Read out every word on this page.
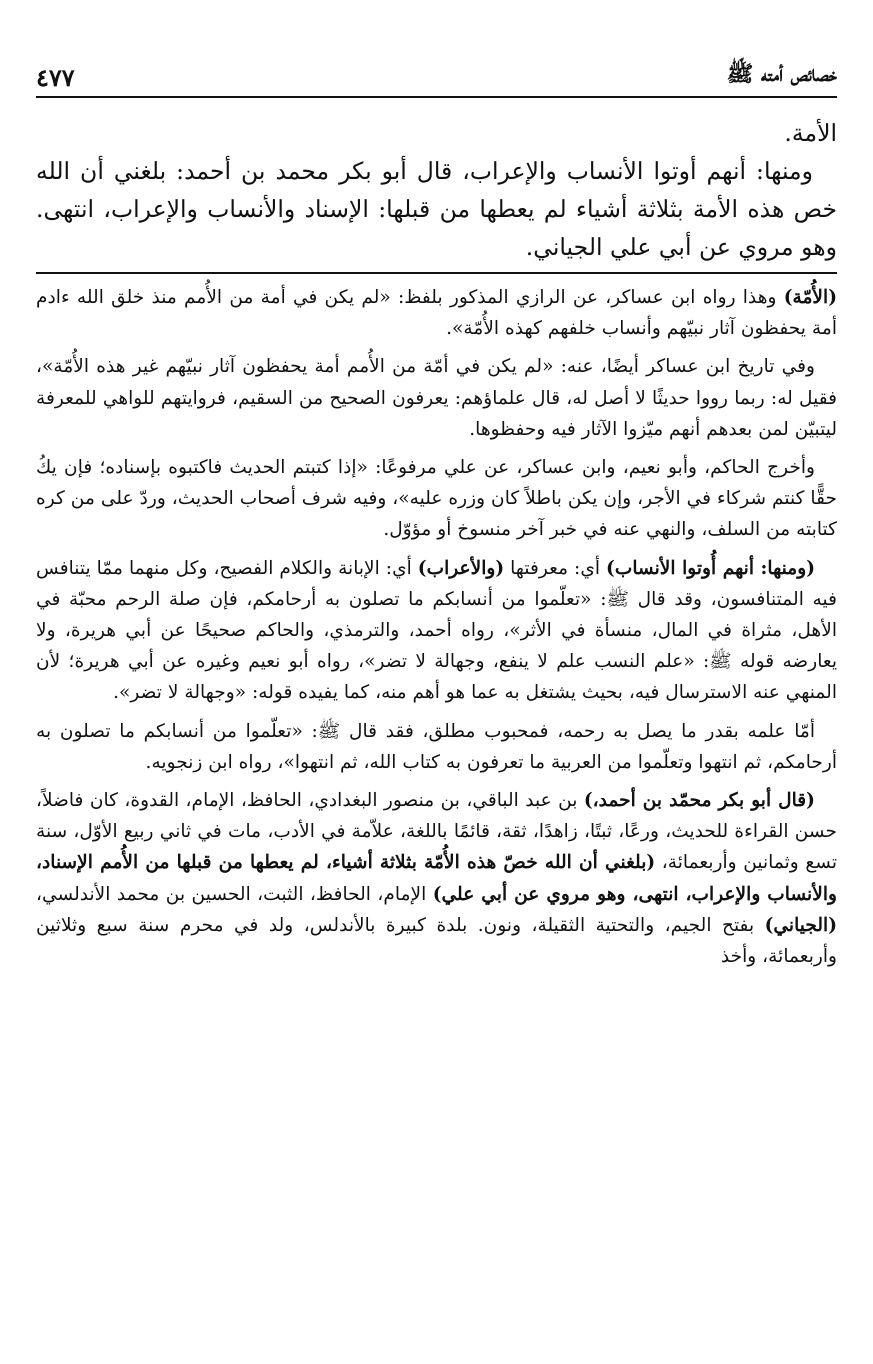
خصائص أمته ﷺ
٤٧٧

الأمة.

ومنها: أنهم أوتوا الأنساب والإعراب، قال أبو بكر محمد بن أحمد: بلغني أن الله خص هذه الأمة بثلاثة أشياء لم يعطها من قبلها: الإسناد والأنساب والإعراب، انتهى. وهو مروي عن أبي علي الجياني.

(الأُمّة) وهذا رواه ابن عساكر، عن الرازي المذكور بلفظ: «لم يكن في أمة من الأُمم منذ خلق الله ءادم أمة يحفظون آثار نبيّهم وأنساب خلفهم كهذه الأُمّة».

وفي تاريخ ابن عساكر أيضًا، عنه: «لم يكن في أمّة من الأُمم أمة يحفظون آثار نبيّهم غير هذه الأُمّة»، فقيل له: ربما رووا حديثًا لا أصل له، قال علماؤهم: يعرفون الصحيح من السقيم، فروايتهم للواهي للمعرفة ليتبيّن لمن بعدهم أنهم ميّزوا الآثار فيه وحفظوها.

وأخرج الحاكم، وأبو نعيم، وابن عساكر، عن علي مرفوعًا: «إذا كتبتم الحديث فاكتبوه بإسناده؛ فإن يكُ حقًّا كنتم شركاء في الأجر، وإن يكن باطلاً كان وزره عليه»، وفيه شرف أصحاب الحديث، وردّ على من كره كتابته من السلف، والنهي عنه في خبر آخر منسوخ أو مؤوّل.

(ومنها: أنهم أُوتوا الأنساب) أي: معرفتها (والأعراب) أي: الإبانة والكلام الفصيح، وكل منهما ممّا يتنافس فيه المتنافسون، وقد قال ﷺ: «تعلّموا من أنسابكم ما تصلون به أرحامكم، فإن صلة الرحم محبّة في الأهل، مثراة في المال، منسأة في الأثر»، رواه أحمد، والترمذي، والحاكم صحيحًا عن أبي هريرة، ولا يعارضه قوله ﷺ: «علم النسب علم لا ينفع، وجهالة لا تضر»، رواه أبو نعيم وغيره عن أبي هريرة؛ لأن المنهي عنه الاسترسال فيه، بحيث يشتغل به عما هو أهم منه، كما يفيده قوله: «وجهالة لا تضر».

أمّا علمه بقدر ما يصل به رحمه، فمحبوب مطلق، فقد قال ﷺ: «تعلّموا من أنسابكم ما تصلون به أرحامكم، ثم انتهوا وتعلّموا من العربية ما تعرفون به كتاب الله، ثم انتهوا»، رواه ابن زنجويه.

(قال أبو بكر محمّد بن أحمد،) بن عبد الباقي، بن منصور البغدادي، الحافظ، الإمام، القدوة، كان فاضلاً، حسن القراءة للحديث، ورعًا، ثبتًا، زاهدًا، ثقة، قائمًا باللغة، علاّمة في الأدب، مات في ثاني ربيع الأوّل، سنة تسع وثمانين وأربعمائة، (بلغني أن الله خصّ هذه الأُمّة بثلاثة أشياء، لم يعطها من قبلها من الأُمم الإسناد، والأنساب والإعراب، انتهى، وهو مروي عن أبي علي) الإمام، الحافظ، الثبت، الحسين بن محمد الأندلسي، (الجياني) بفتح الجيم، والتحتية الثقيلة، ونون. بلدة كبيرة بالأندلس، ولد في محرم سنة سبع وثلاثين وأربعمائة، وأخذ
